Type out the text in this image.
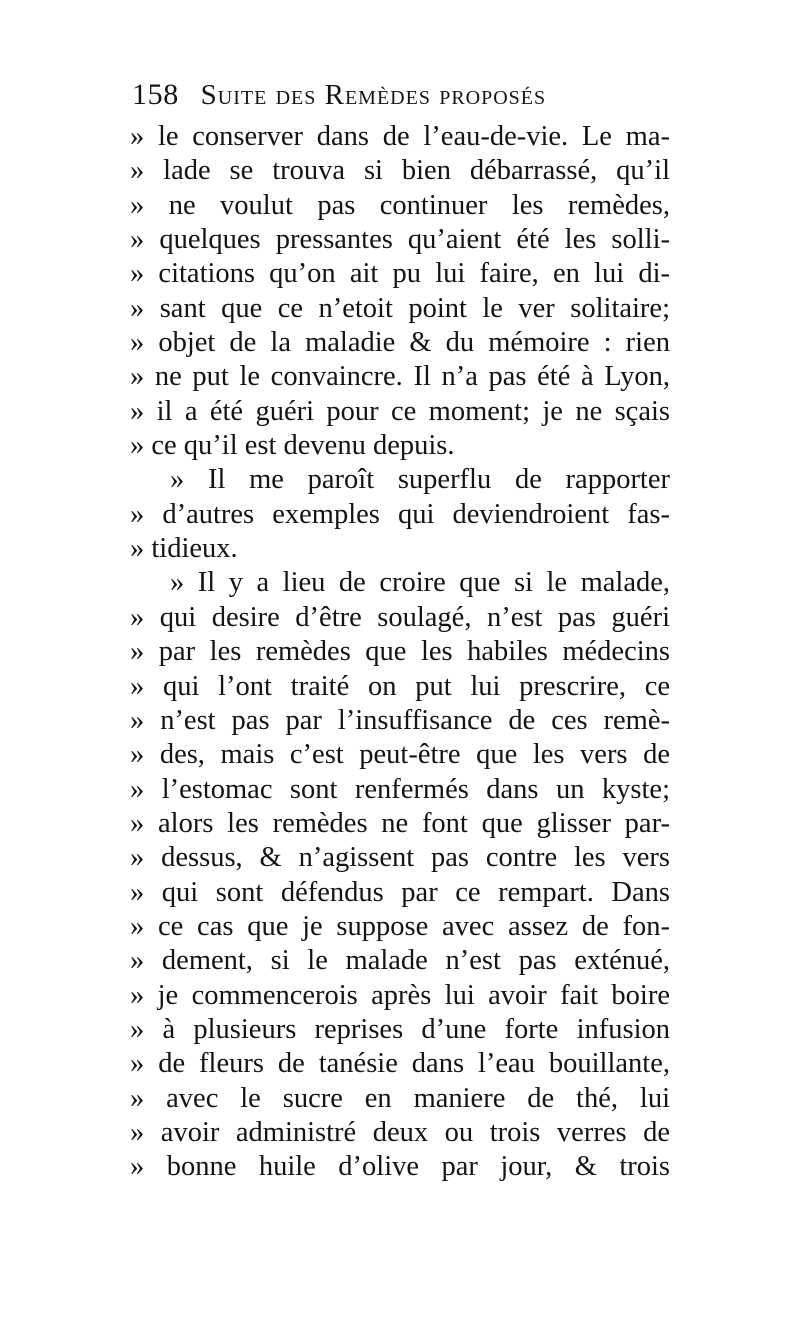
158 Suite des Remèdes proposés
» le conserver dans de l’eau-de-vie. Le ma-
» lade se trouva si bien débarrassé, qu’il
» ne voulut pas continuer les remèdes,
» quelques pressantes qu’aient été les solli-
» citations qu’on ait pu lui faire, en lui di-
» sant que ce n’etoit point le ver solitaire;
» objet de la maladie & du mémoire : rien
» ne put le convaincre. Il n’a pas été à Lyon,
» il a été guéri pour ce moment; je ne sçais
» ce qu’il est devenu depuis.
» Il me paroît superflu de rapporter
» d’autres exemples qui deviendroient fas-
» tidieux.
» Il y a lieu de croire que si le malade,
» qui desire d’être soulagé, n’est pas guéri
» par les remèdes que les habiles médecins
» qui l’ont traité on put lui prescrire, ce
» n’est pas par l’insuffisance de ces remè-
» des, mais c’est peut-être que les vers de
» l’estomac sont renfermés dans un kyste;
» alors les remèdes ne font que glisser par-
» dessus, & n’agissent pas contre les vers
» qui sont défendus par ce rempart. Dans
» ce cas que je suppose avec assez de fon-
» dement, si le malade n’est pas exténué,
» je commencerois après lui avoir fait boire
» à plusieurs reprises d’une forte infusion
» de fleurs de tanésie dans l’eau bouillante,
» avec le sucre en maniere de thé, lui
» avoir administré deux ou trois verres de
» bonne huile d’olive par jour, & trois
